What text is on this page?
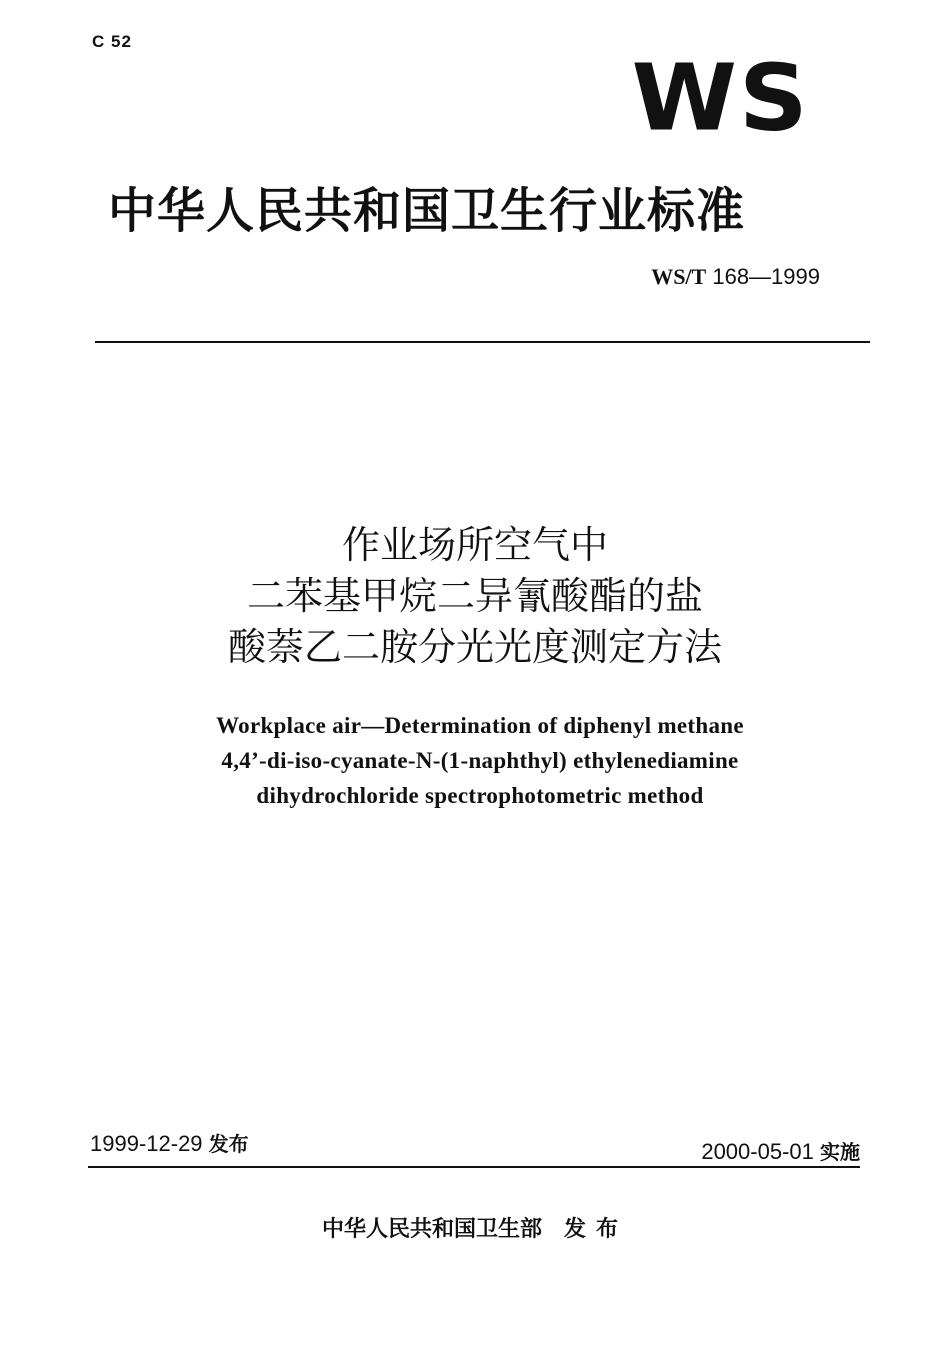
C 52
WS
中华人民共和国卫生行业标准
WS/T 168—1999
作业场所空气中
二苯基甲烷二异氰酸酯的盐
酸萘乙二胺分光光度测定方法
Workplace air—Determination of diphenyl methane
4,4’-di-iso-cyanate-N-(1-naphthyl) ethylenediamine
dihydrochloride spectrophotometric method
1999-12-29 发布	2000-05-01 实施
中华人民共和国卫生部 发布
